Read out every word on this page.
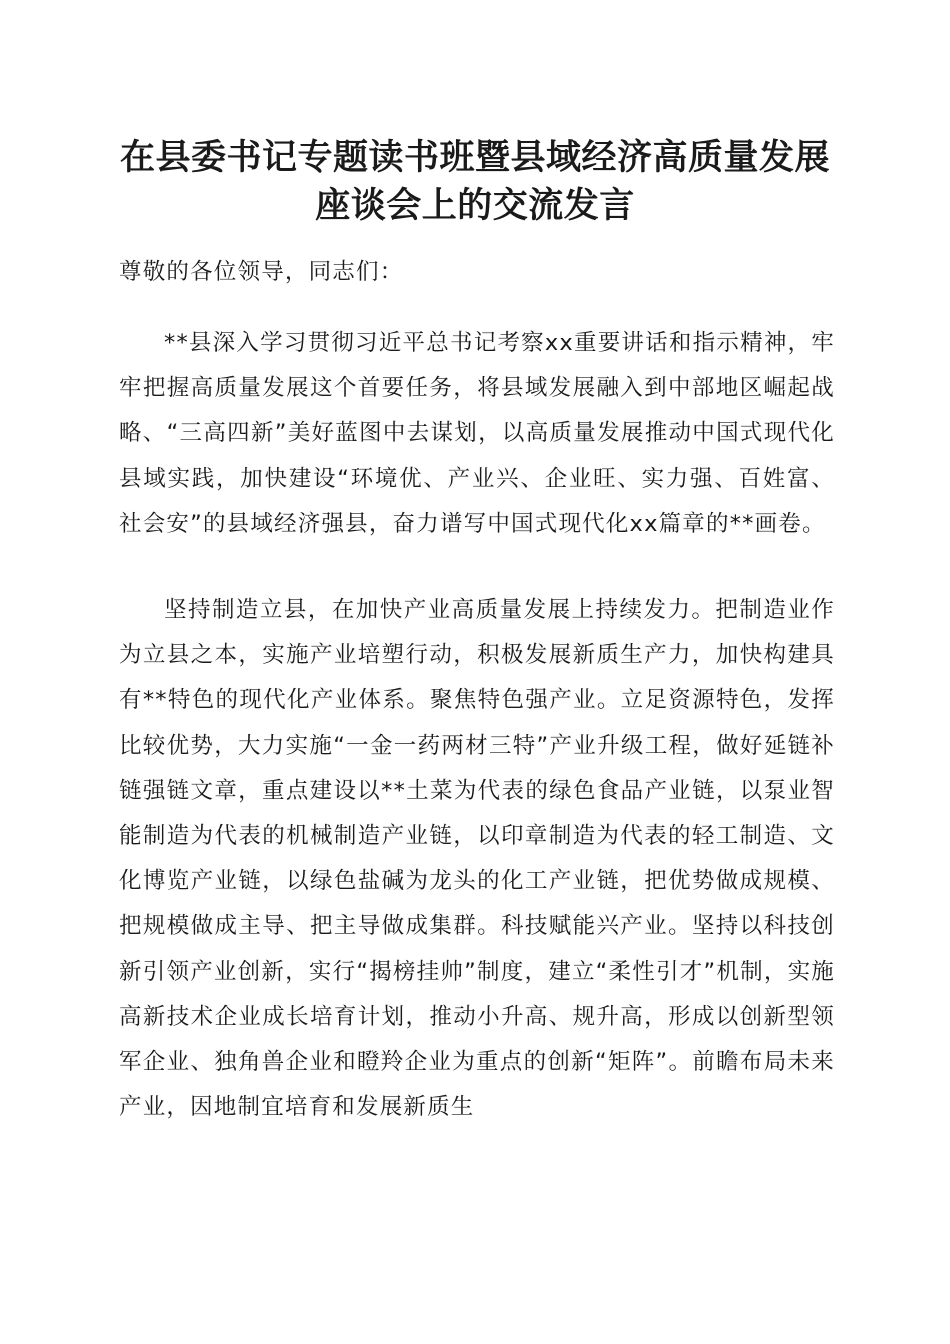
在县委书记专题读书班暨县域经济高质量发展
座谈会上的交流发言

尊敬的各位领导，同志们：

**县深入学习贯彻习近平总书记考察xx重要讲话和指示精神，牢牢把握高质量发展这个首要任务，将县域发展融入到中部地区崛起战略、“三高四新”美好蓝图中去谋划，以高质量发展推动中国式现代化县域实践，加快建设“环境优、产业兴、企业旺、实力强、百姓富、社会安”的县域经济强县，奋力谱写中国式现代化xx篇章的**画卷。

坚持制造立县，在加快产业高质量发展上持续发力。把制造业作为立县之本，实施产业培塑行动，积极发展新质生产力，加快构建具有**特色的现代化产业体系。聚焦特色强产业。立足资源特色，发挥比较优势，大力实施“一金一药两材三特”产业升级工程，做好延链补链强链文章，重点建设以**土菜为代表的绿色食品产业链，以泵业智能制造为代表的机械制造产业链，以印章制造为代表的轻工制造、文化博览产业链，以绿色盐碱为龙头的化工产业链，把优势做成规模、把规模做成主导、把主导做成集群。科技赋能兴产业。坚持以科技创新引领产业创新，实行“揭榜挂帅”制度，建立“柔性引才”机制，实施高新技术企业成长培育计划，推动小升高、规升高，形成以创新型领军企业、独角兽企业和瞪羚企业为重点的创新“矩阵”。前瞻布局未来产业，因地制宜培育和发展新质生
